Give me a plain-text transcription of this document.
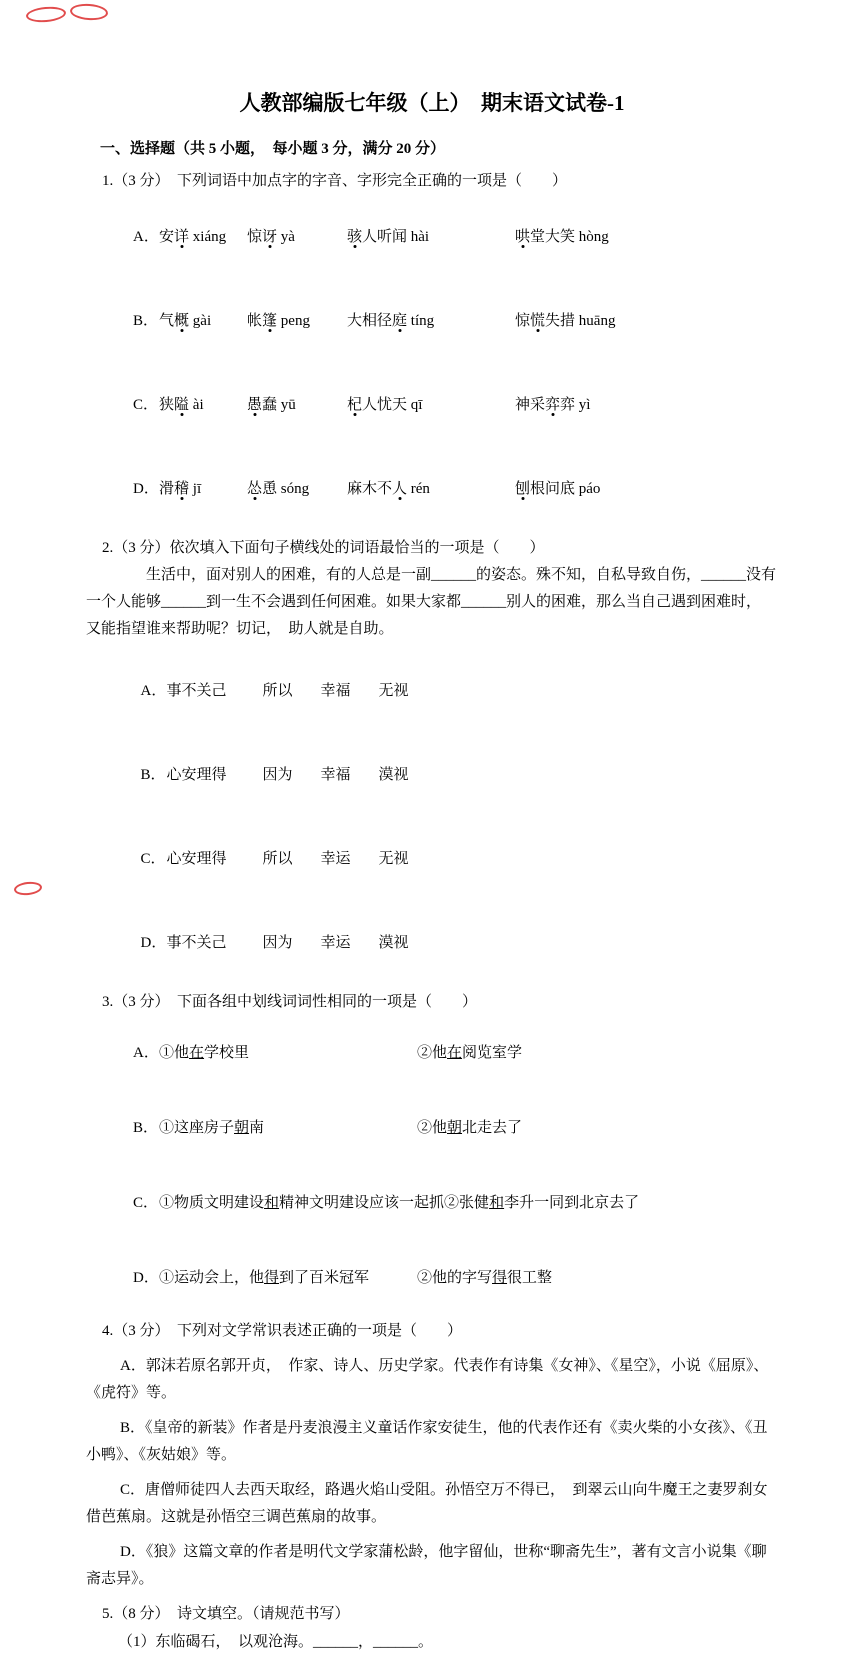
人教部编版七年级（上）　期末语文试卷-1
一、选择题（共 5 小题，　每小题 3 分，满分 20 分）

1.（3 分）　下列词语中加点字的字音、字形完全正确的一项是（　　）

A．安详 xiáng 惊讶 yà	骇人听闻 hài	哄堂大笑 hòng

B．气概 gài 帐篷 peng 大相径庭 tíng	惊慌失措 huāng

C．狭隘 ài	愚蠢 yū	杞人忧天 qī	神采弈弈 yì

D．滑稽 jī	怂恿 sóng	麻木不人 rén	刨根问底 páo

2.（3 分）依次填入下面句子横线处的词语最恰当的一项是（　　）

生活中，面对别人的困难，有的人总是一副______的姿态。殊不知，自私导致自伤，______没有一个人能够______到一生不会遇到任何困难。如果大家都______别人的困难，那么当自己遇到困难时，　又能指望谁来帮助呢？切记，　助人就是自助。

A．事不关己 所以 幸福 无视

B．心安理得 因为 幸福 漠视

C．心安理得 所以 幸运 无视

D．事不关己 因为 幸运 漠视

3.（3 分）　下面各组中划线词词性相同的一项是（　　）

A．①他在学校里	②他在阅览室学

B．①这座房子朝南	②他朝北走去了

C．①物质文明建设和精神文明建设应该一起抓②张健和李升一同到北京去了

D．①运动会上，他得到了百米冠军	②他的字写得很工整

4.（3 分）　下列对文学常识表述正确的一项是（　　）

A．郭沫若原名郭开贞，　作家、诗人、历史学家。代表作有诗集《女神》、《星空》，小说《屈原》、《虎符》等。

B．《皇帝的新装》作者是丹麦浪漫主义童话作家安徒生，他的代表作还有《卖火柴的小女孩》、《丑小鸭》、《灰姑娘》等。

C．唐僧师徒四人去西天取经，路遇火焰山受阻。孙悟空万不得已，　到翠云山向牛魔王之妻罗刹女借芭蕉扇。这就是孙悟空三调芭蕉扇的故事。

D．《狼》这篇文章的作者是明代文学家蒲松龄，他字留仙，世称“聊斋先生”，著有文言小说集《聊斋志异》。

5.（8 分）　诗文填空。（请规范书写）

（1）东临碣石，　以观沧海。______，______。
